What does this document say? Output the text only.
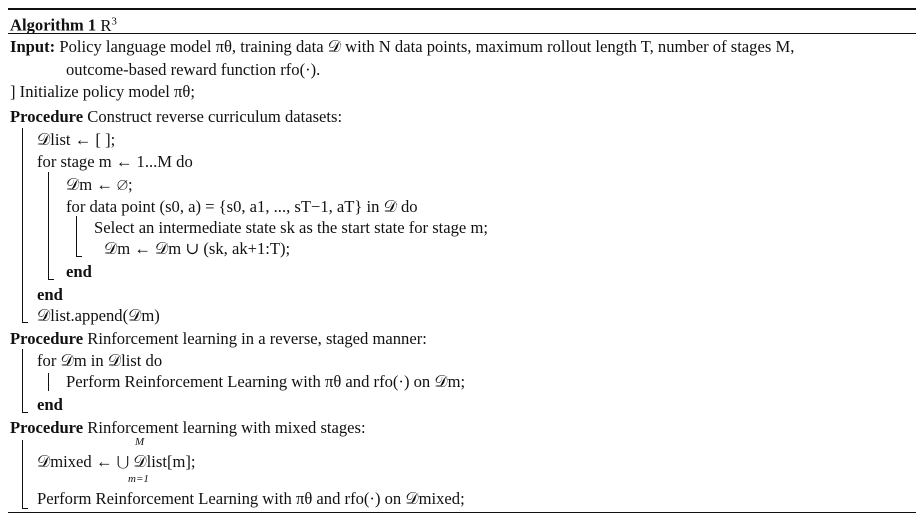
Algorithm 1 $R^3$
Input: Policy language model πθ, training data 𝒟 with N data points, maximum rollout length T, number of stages M,
outcome-based reward function rfo(·).
] Initialize policy model πθ;
Procedure Construct reverse curriculum datasets:
𝒟list ← [ ];
for stage m ← 1...M do
𝒟m ← ∅;
for data point (s0, a) = {s0, a1, ..., sT−1, aT} in 𝒟 do
Select an intermediate state sk as the start state for stage m;
𝒟m ← 𝒟m ∪ (sk, ak+1:T);
end
end
𝒟list.append(𝒟m)
Procedure Rinforcement learning in a reverse, staged manner:
for 𝒟m in 𝒟list do
Perform Reinforcement Learning with πθ and rfo(·) on 𝒟m;
end
Procedure Rinforcement learning with mixed stages:
M
𝒟mixed ← ⋃ 𝒟list[m];
m=1
Perform Reinforcement Learning with πθ and rfo(·) on 𝒟mixed;
